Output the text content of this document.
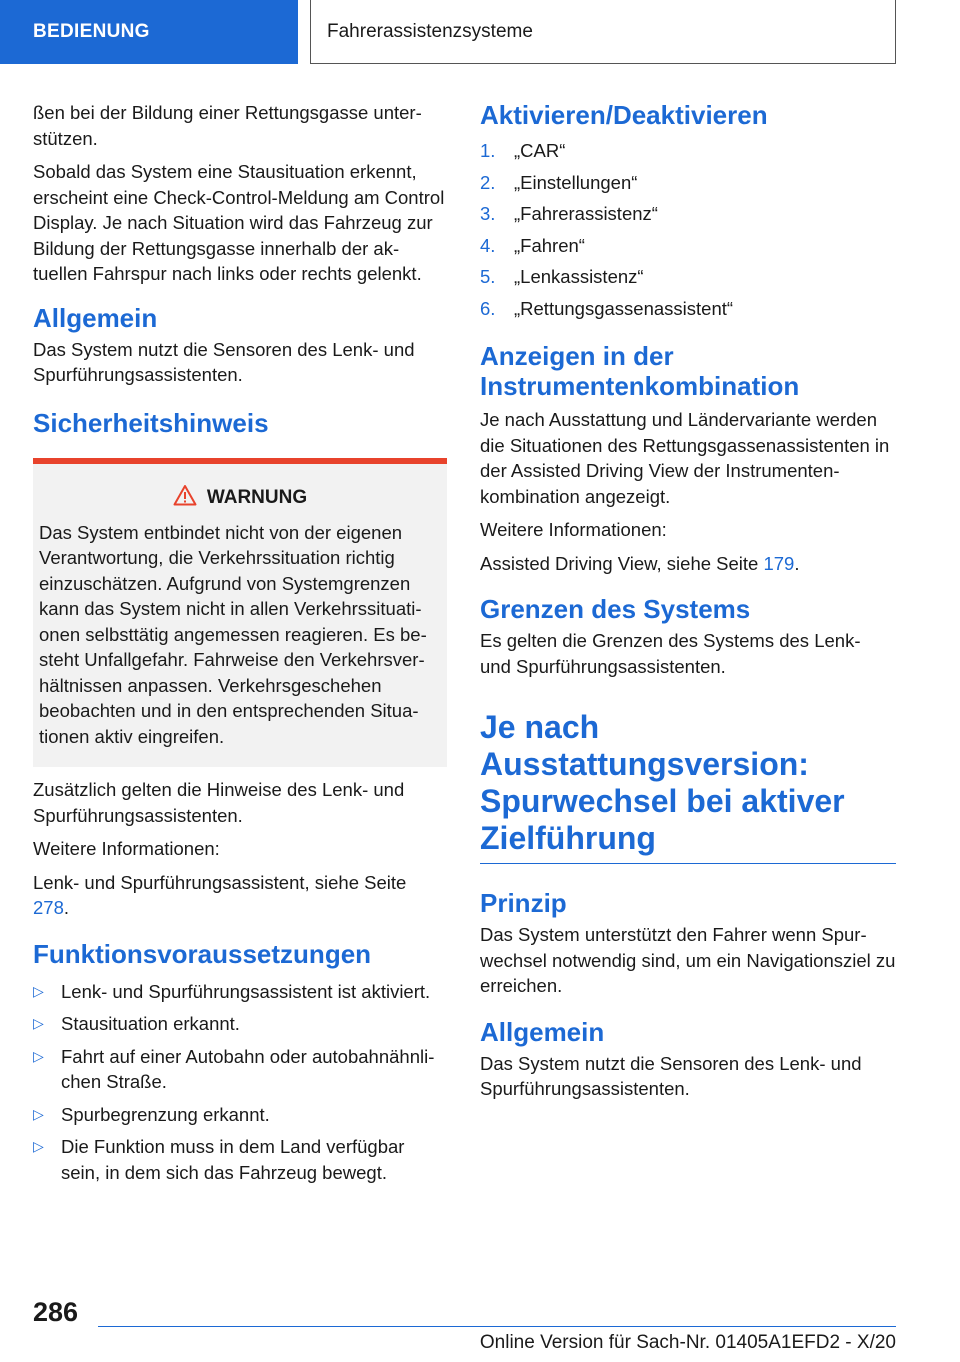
BEDIENUNG	Fahrerassistenzsysteme

ßen bei der Bildung einer Rettungsgasse unterstützen.

Sobald das System eine Stausituation erkennt, erscheint eine Check-Control-Meldung am Control Display. Je nach Situation wird das Fahrzeug zur Bildung der Rettungsgasse innerhalb der aktuellen Fahrspur nach links oder rechts gelenkt.

Allgemein

Das System nutzt die Sensoren des Lenk- und Spurführungsassistenten.

Sicherheitshinweis
WARNUNG

Das System entbindet nicht von der eigenen Verantwortung, die Verkehrssituation richtig einzuschätzen. Aufgrund von Systemgrenzen kann das System nicht in allen Verkehrssituationen selbsttätig angemessen reagieren. Es besteht Unfallgefahr. Fahrweise den Verkehrsverhältnissen anpassen. Verkehrsgeschehen beobachten und in den entsprechenden Situationen aktiv eingreifen.

Zusätzlich gelten die Hinweise des Lenk- und Spurführungsassistenten.

Weitere Informationen:

Lenk- und Spurführungsassistent, siehe Seite 278.

Funktionsvoraussetzungen
▷ Lenk- und Spurführungsassistent ist aktiviert.
▷ Stausituation erkannt.
▷ Fahrt auf einer Autobahn oder autobahnähnlichen Straße.
▷ Spurbegrenzung erkannt.
▷ Die Funktion muss in dem Land verfügbar sein, in dem sich das Fahrzeug bewegt.
Aktivieren/Deaktivieren
1. „CAR“
2. „Einstellungen“
3. „Fahrerassistenz“
4. „Fahren“
5. „Lenkassistenz“
6. „Rettungsgassenassistent“
Anzeigen in der Instrumentenkombination

Je nach Ausstattung und Ländervariante werden die Situationen des Rettungsgassenassistenten in der Assisted Driving View der Instrumentenkombination angezeigt.

Weitere Informationen:

Assisted Driving View, siehe Seite 179.

Grenzen des Systems

Es gelten die Grenzen des Systems des Lenk- und Spurführungsassistenten.

Je nach Ausstattungsversion: Spurwechsel bei aktiver Zielführung
Prinzip

Das System unterstützt den Fahrer wenn Spurwechsel notwendig sind, um ein Navigationsziel zu erreichen.

Allgemein

Das System nutzt die Sensoren des Lenk- und Spurführungsassistenten.

286
Online Version für Sach-Nr. 01405A1EFD2 - X/20
